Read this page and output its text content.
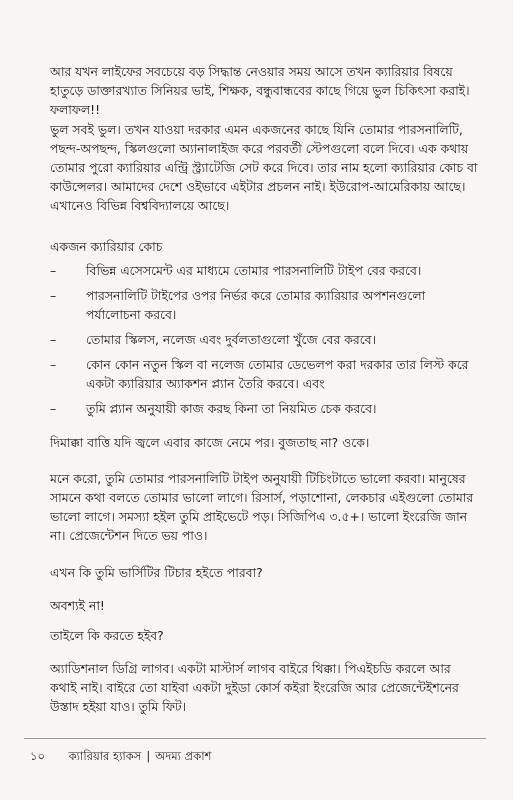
আর যখন লাইফের সবচেয়ে বড় সিদ্ধান্ত নেওয়ার সময় আসে তখন ক্যারিয়ার বিষয়ে হাতুড়ে ডাক্তারখ্যাত সিনিয়র ভাই, শিক্ষক, বন্ধুবান্ধবের কাছে গিয়ে ভুল চিকিৎসা করাই। ফলাফল!!

ভুল সবই ভুল। তখন যাওয়া দরকার এমন একজনের কাছে যিনি তোমার পারসনালিটি, পছন্দ-অপছন্দ, স্কিলগুলো অ্যানালাইজ করে পরবর্তী স্টেপগুলো বলে দিবে। এক কথায় তোমার পুরো ক্যারিয়ার এন্ট্রি স্ট্র্যাটেজি সেট করে দিবে। তার নাম হলো ক্যারিয়ার কোচ বা কাউন্সেলর। আমাদের দেশে ওইভাবে এইটার প্রচলন নাই। ইউরোপ-আমেরিকায় আছে। এখানেও বিভিন্ন বিশ্ববিদ্যালয়ে আছে।

একজন ক্যারিয়ার কোচ

–	বিভিন্ন এসেসমেন্ট এর মাধ্যমে তোমার পারসনালিটি টাইপ বের করবে।
–	পারসনালিটি টাইপের ওপর নির্ভর করে তোমার ক্যারিয়ার অপশনগুলো পর্যালোচনা করবে।
–	তোমার স্কিলস, নলেজ এবং দুর্বলতাগুলো খুঁজে বের করবে।
–	কোন কোন নতুন স্কিল বা নলেজ তোমার ডেভেলপ করা দরকার তার লিস্ট করে একটা ক্যারিয়ার অ্যাকশন প্ল্যান তৈরি করবে। এবং
–	তুমি প্ল্যান অনুযায়ী কাজ করছ কিনা তা নিয়মিত চেক করবে।

দিমাক্কা বাত্তি যদি জ্বলে এবার কাজে নেমে পর। বুজতাছ না? ওকে।

মনে করো, তুমি তোমার পারসনালিটি টাইপ অনুযায়ী টিচিংটাতে ভালো করবা। মানুষের সামনে কথা বলতে তোমার ভালো লাগে। রিসার্স, পড়াশোনা, লেকচার এইগুলো তোমার ভালো লাগে। সমস্যা হইল তুমি প্রাইভেটে পড়। সিজিপিএ ৩.৫+। ভালো ইংরেজি জান না। প্রেজেন্টেশন দিতে ভয় পাও।

এখন কি তুমি ভার্সিটির টিচার হইতে পারবা?

অবশ্যই না!

তাইলে কি করতে হইব?

অ্যাডিশনাল ডিগ্রি লাগব। একটা মাস্টার্স লাগব বাইরে থিক্কা। পিএইচডি করলে আর কথাই নাই। বাইরে তো যাইবা একটা দুইডা কোর্স কইরা ইংরেজি আর প্রেজেন্টেইশনের উস্তাদ হইয়া যাও। তুমি ফিট।

১০ ক্যারিয়ার হ্যাকস | অদম্য প্রকাশ
